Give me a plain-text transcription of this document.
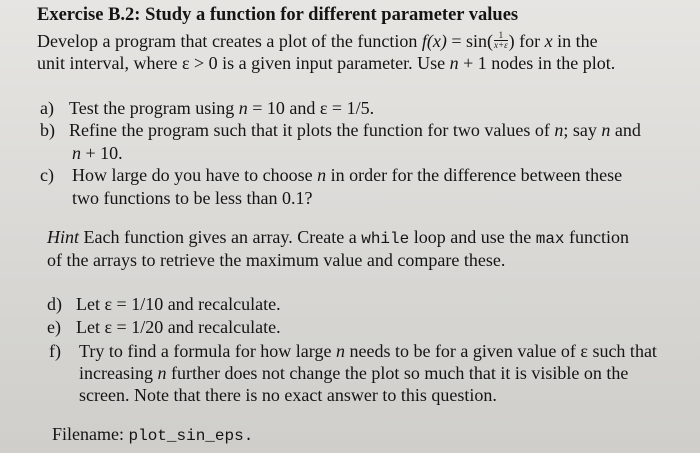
Exercise B.2: Study a function for different parameter values
Develop a program that creates a plot of the function $f(x) = \sin( \frac{1}{x+\varepsilon}$ ) for x in the
unit interval, where ε > 0 is a given input parameter. Use n + 1 nodes in the plot.
a) Test the program using n = 10 and ε = 1/5.
b) Refine the program such that it plots the function for two values of n; say n and
n + 10.
c) How large do you have to choose n in order for the difference between these
two functions to be less than 0.1?
Hint Each function gives an array. Create a while loop and use the max function
of the arrays to retrieve the maximum value and compare these.
d) Let ε = 1/10 and recalculate.
e) Let ε = 1/20 and recalculate.
f) Try to find a formula for how large n needs to be for a given value of ε such that
increasing n further does not change the plot so much that it is visible on the
screen. Note that there is no exact answer to this question.
Filename: plot_sin_eps.
